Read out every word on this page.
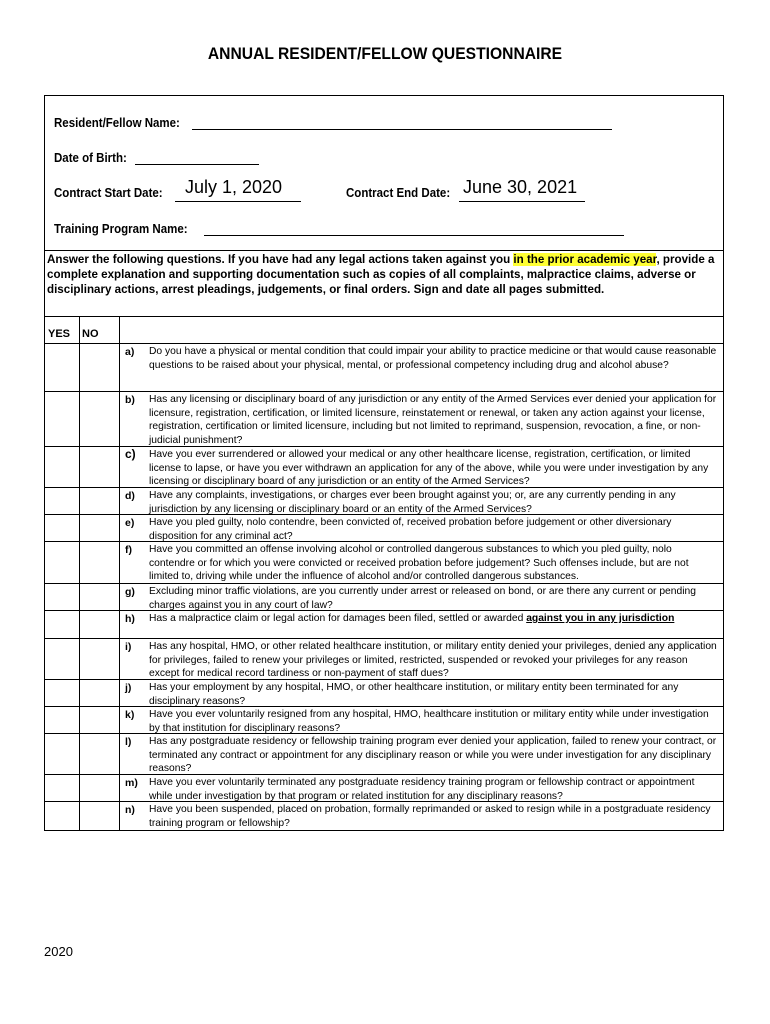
ANNUAL RESIDENT/FELLOW QUESTIONNAIRE
Resident/Fellow Name:
Date of Birth:
Contract Start Date: July 1, 2020	Contract End Date: June 30, 2021
Training Program Name:
Answer the following questions. If you have had any legal actions taken against you in the prior academic year, provide a complete explanation and supporting documentation such as copies of all complaints, malpractice claims, adverse or disciplinary actions, arrest pleadings, judgements, or final orders. Sign and date all pages submitted.
YES NO
a)	Do you have a physical or mental condition that could impair your ability to practice medicine or that would cause reasonable questions to be raised about your physical, mental, or professional competency including drug and alcohol abuse?
b)	Has any licensing or disciplinary board of any jurisdiction or any entity of the Armed Services ever denied your application for licensure, registration, certification, or limited licensure, reinstatement or renewal, or taken any action against your license, registration, certification or limited licensure, including but not limited to reprimand, suspension, revocation, a fine, or non- judicial punishment?
c)	Have you ever surrendered or allowed your medical or any other healthcare license, registration, certification, or limited license to lapse, or have you ever withdrawn an application for any of the above, while you were under investigation by any licensing or disciplinary board of any jurisdiction or an entity of the Armed Services?
d)	Have any complaints, investigations, or charges ever been brought against you; or, are any currently pending in any jurisdiction by any licensing or disciplinary board or an entity of the Armed Services?
e)	Have you pled guilty, nolo contendre, been convicted of, received probation before judgement or other diversionary disposition for any criminal act?
f)	Have you committed an offense involving alcohol or controlled dangerous substances to which you pled guilty, nolo contendre or for which you were convicted or received probation before judgement? Such offenses include, but are not limited to, driving while under the influence of alcohol and/or controlled dangerous substances.
g)	Excluding minor traffic violations, are you currently under arrest or released on bond, or are there any current or pending charges against you in any court of law?
h)	Has a malpractice claim or legal action for damages been filed, settled or awarded against you in any jurisdiction
i)	Has any hospital, HMO, or other related healthcare institution, or military entity denied your privileges, denied any application for privileges, failed to renew your privileges or limited, restricted, suspended or revoked your privileges for any reason except for medical record tardiness or non-payment of staff dues?
j)	Has your employment by any hospital, HMO, or other healthcare institution, or military entity been terminated for any disciplinary reasons?
k)	Have you ever voluntarily resigned from any hospital, HMO, healthcare institution or military entity while under investigation by that institution for disciplinary reasons?
l)	Has any postgraduate residency or fellowship training program ever denied your application, failed to renew your contract, or terminated any contract or appointment for any disciplinary reason or while you were under investigation for any disciplinary reasons?
m)	Have you ever voluntarily terminated any postgraduate residency training program or fellowship contract or appointment while under investigation by that program or related institution for any disciplinary reasons?
n)	Have you been suspended, placed on probation, formally reprimanded or asked to resign while in a postgraduate residency training program or fellowship?
2020
